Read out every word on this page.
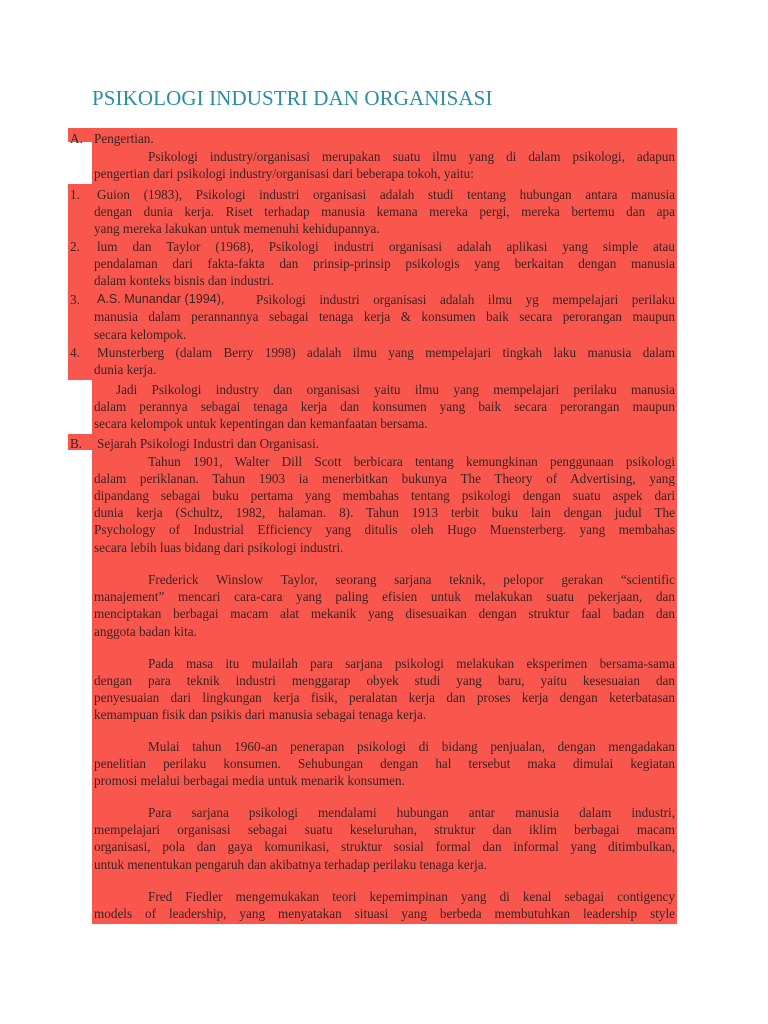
PSIKOLOGI INDUSTRI DAN ORGANISASI
A. Pengertian.
Psikologi industry/organisasi merupakan suatu ilmu yang di dalam psikologi, adapun
pengertian dari psikologi industry/organisasi dari beberapa tokoh, yaitu:
1. Guion (1983), Psikologi industri organisasi adalah studi tentang hubungan antara manusia
dengan dunia kerja. Riset terhadap manusia kemana mereka pergi, mereka bertemu dan apa
yang mereka lakukan untuk memenuhi kehidupannya.
2. lum dan Taylor (1968), Psikologi industri organisasi adalah aplikasi yang simple atau
pendalaman dari fakta-fakta dan prinsip-prinsip psikologis yang berkaitan dengan manusia
dalam konteks bisnis dan industri.
3. A.S. Munandar (1994), Psikologi industri organisasi adalah ilmu yg mempelajari perilaku
manusia dalam perannannya sebagai tenaga kerja & konsumen baik secara perorangan maupun
secara kelompok.
4. Munsterberg (dalam Berry 1998) adalah ilmu yang mempelajari tingkah laku manusia dalam
dunia kerja.
Jadi Psikologi industry dan organisasi yaitu ilmu yang mempelajari perilaku manusia
dalam perannya sebagai tenaga kerja dan konsumen yang baik secara perorangan maupun
secara kelompok untuk kepentingan dan kemanfaatan bersama.
B. Sejarah Psikologi Industri dan Organisasi.
Tahun 1901, Walter Dill Scott berbicara tentang kemungkinan penggunaan psikologi
dalam periklanan. Tahun 1903 ia menerbitkan bukunya The Theory of Advertising, yang
dipandang sebagai buku pertama yang membahas tentang psikologi dengan suatu aspek dari
dunia kerja (Schultz, 1982, halaman. 8). Tahun 1913 terbit buku lain dengan judul The
Psychology of Industrial Efficiency yang ditulis oleh Hugo Muensterberg. yang membahas
secara lebih luas bidang dari psikologi industri.
Frederick Winslow Taylor, seorang sarjana teknik, pelopor gerakan “scientific
manajement” mencari cara-cara yang paling efisien untuk melakukan suatu pekerjaan, dan
menciptakan berbagai macam alat mekanik yang disesuaikan dengan struktur faal badan dan
anggota badan kita.
Pada masa itu mulailah para sarjana psikologi melakukan eksperimen bersama-sama
dengan para teknik industri menggarap obyek studi yang baru, yaitu kesesuaian dan
penyesuaian dari lingkungan kerja fisik, peralatan kerja dan proses kerja dengan keterbatasan
kemampuan fisik dan psikis dari manusia sebagai tenaga kerja.
Mulai tahun 1960-an penerapan psikologi di bidang penjualan, dengan mengadakan
penelitian perilaku konsumen. Sehubungan dengan hal tersebut maka dimulai kegiatan
promosi melalui berbagai media untuk menarik konsumen.
Para sarjana psikologi mendalami hubungan antar manusia dalam industri,
mempelajari organisasi sebagai suatu keseluruhan, struktur dan iklim berbagai macam
organisasi, pola dan gaya komunikasi, struktur sosial formal dan informal yang ditimbulkan,
untuk menentukan pengaruh dan akibatnya terhadap perilaku tenaga kerja.
Fred Fiedler mengemukakan teori kepemimpinan yang di kenal sebagai contigency
models of leadership, yang menyatakan situasi yang berbeda membutuhkan leadership style
